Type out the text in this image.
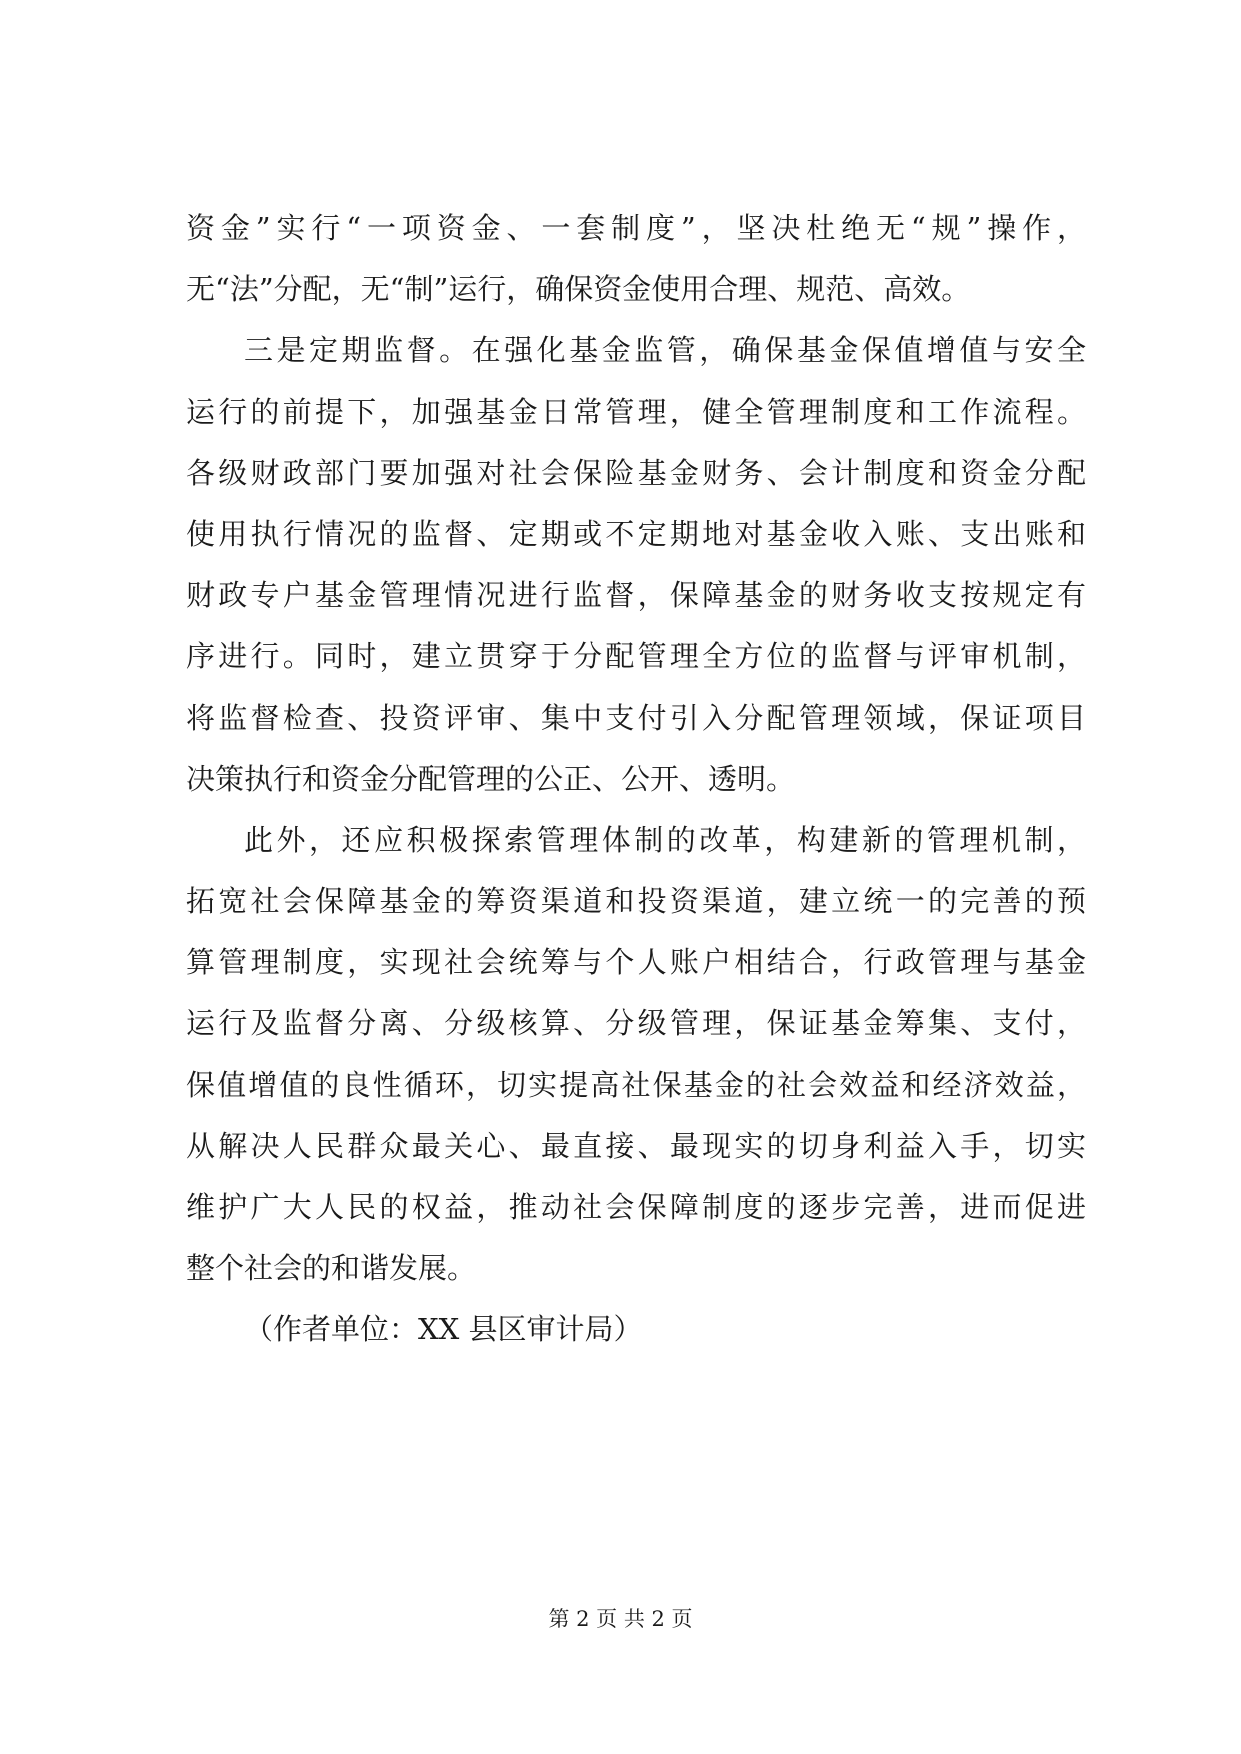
资金”实行“一项资金、一套制度”，坚决杜绝无“规”操作，
无“法”分配，无“制”运行，确保资金使用合理、规范、高效。
三是定期监督。在强化基金监管，确保基金保值增值与安全
运行的前提下，加强基金日常管理，健全管理制度和工作流程。
各级财政部门要加强对社会保险基金财务、会计制度和资金分配
使用执行情况的监督、定期或不定期地对基金收入账、支出账和
财政专户基金管理情况进行监督，保障基金的财务收支按规定有
序进行。同时，建立贯穿于分配管理全方位的监督与评审机制，
将监督检查、投资评审、集中支付引入分配管理领域，保证项目
决策执行和资金分配管理的公正、公开、透明。
此外，还应积极探索管理体制的改革，构建新的管理机制，
拓宽社会保障基金的筹资渠道和投资渠道，建立统一的完善的预
算管理制度，实现社会统筹与个人账户相结合，行政管理与基金
运行及监督分离、分级核算、分级管理，保证基金筹集、支付，
保值增值的良性循环，切实提高社保基金的社会效益和经济效益，
从解决人民群众最关心、最直接、最现实的切身利益入手，切实
维护广大人民的权益，推动社会保障制度的逐步完善，进而促进
整个社会的和谐发展。
（作者单位：XX 县区审计局）
第 2 页 共 2 页
